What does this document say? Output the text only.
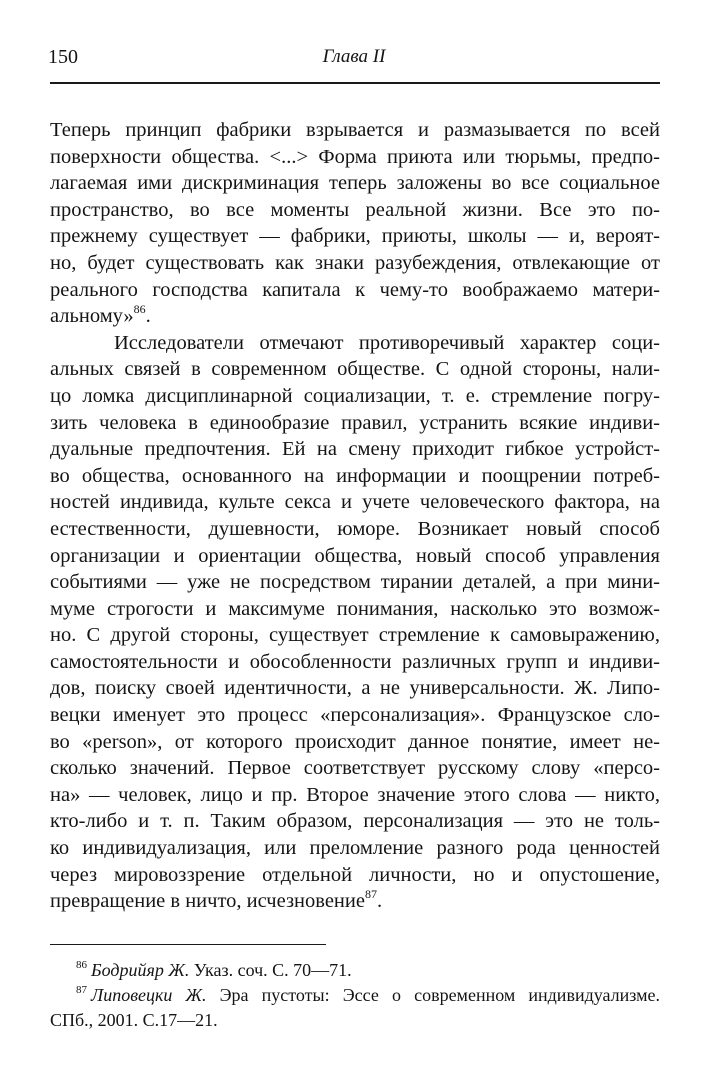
150	Глава II
Теперь принцип фабрики взрывается и размазывается по всей
поверхности общества. <...> Форма приюта или тюрьмы, предпо-
лагаемая ими дискриминация теперь заложены во все социальное
пространство, во все моменты реальной жизни. Все это по-
прежнему существует — фабрики, приюты, школы — и, вероят-
но, будет существовать как знаки разубеждения, отвлекающие от
реального господства капитала к чему-то воображаемо матери-
альному»$^{86}$.
Исследователи отмечают противоречивый характер соци-
альных связей в современном обществе. С одной стороны, нали-
цо ломка дисциплинарной социализации, т. е. стремление погру-
зить человека в единообразие правил, устранить всякие индиви-
дуальные предпочтения. Ей на смену приходит гибкое устройст-
во общества, основанного на информации и поощрении потреб-
ностей индивида, культе секса и учете человеческого фактора, на
естественности, душевности, юморе. Возникает новый способ
организации и ориентации общества, новый способ управления
событиями — уже не посредством тирании деталей, а при мини-
муме строгости и максимуме понимания, насколько это возмож-
но. С другой стороны, существует стремление к самовыражению,
самостоятельности и обособленности различных групп и индиви-
дов, поиску своей идентичности, а не универсальности. Ж. Липо-
вецки именует это процесс «персонализация». Французское сло-
во «person», от которого происходит данное понятие, имеет не-
сколько значений. Первое соответствует русскому слову «персо-
на» — человек, лицо и пр. Второе значение этого слова — никто,
кто-либо и т. п. Таким образом, персонализация — это не толь-
ко индивидуализация, или преломление разного рода ценностей
через мировоззрение отдельной личности, но и опустошение,
превращение в ничто, исчезновение$^{87}$.
$^{86}$ Бодрийяр Ж. Указ. соч. С. 70—71.
$^{87}$ Липовецки Ж. Эра пустоты: Эссе о современном индивидуализме.
СПб., 2001. С.17—21.
